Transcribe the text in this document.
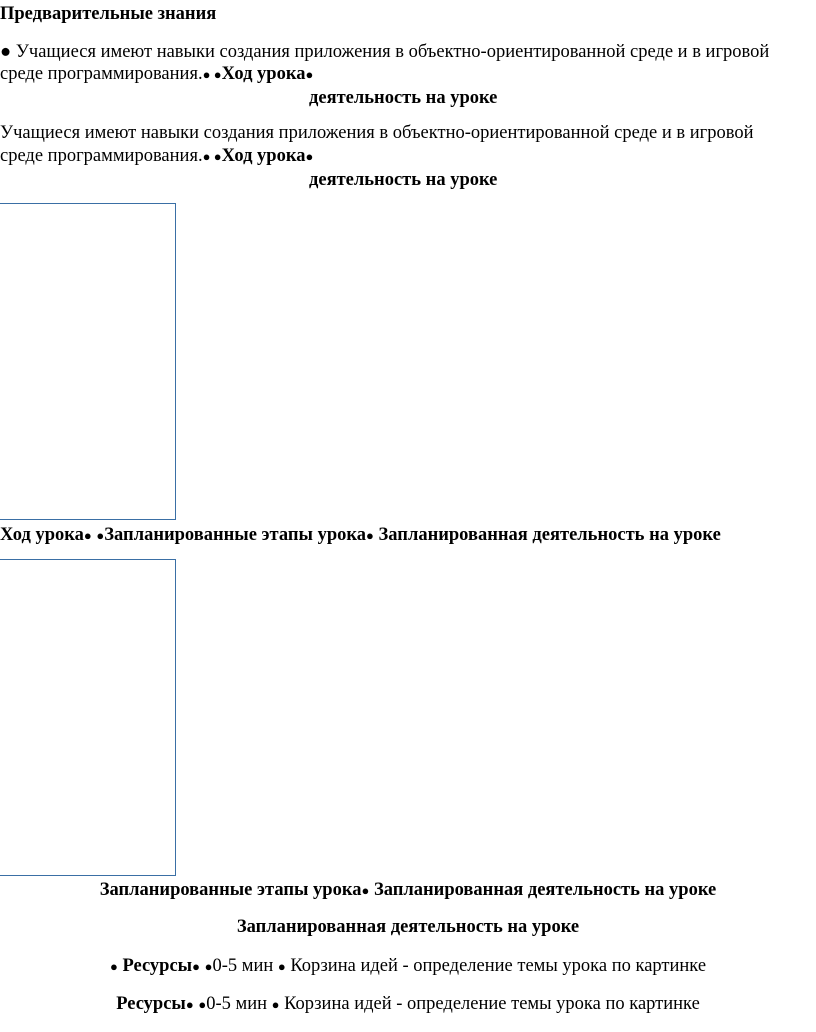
Предварительные знания
● Учащиеся имеют навыки создания приложения в объектно-ориентированной среде и в игровой
среде программирования.● ●Ход урока●
деятельность на уроке
Учащиеся имеют навыки создания приложения в объектно-ориентированной среде и в игровой
среде программирования.● ●Ход урока●
деятельность на уроке
Ход урока● ●Запланированные этапы урока● Запланированная деятельность на уроке
Запланированные этапы урока● Запланированная деятельность на уроке
Запланированная деятельность на уроке
● Ресурсы● ●0-5 мин ● Корзина идей - определение темы урока по картинке
Ресурсы● ●0-5 мин ● Корзина идей - определение темы урока по картинке
